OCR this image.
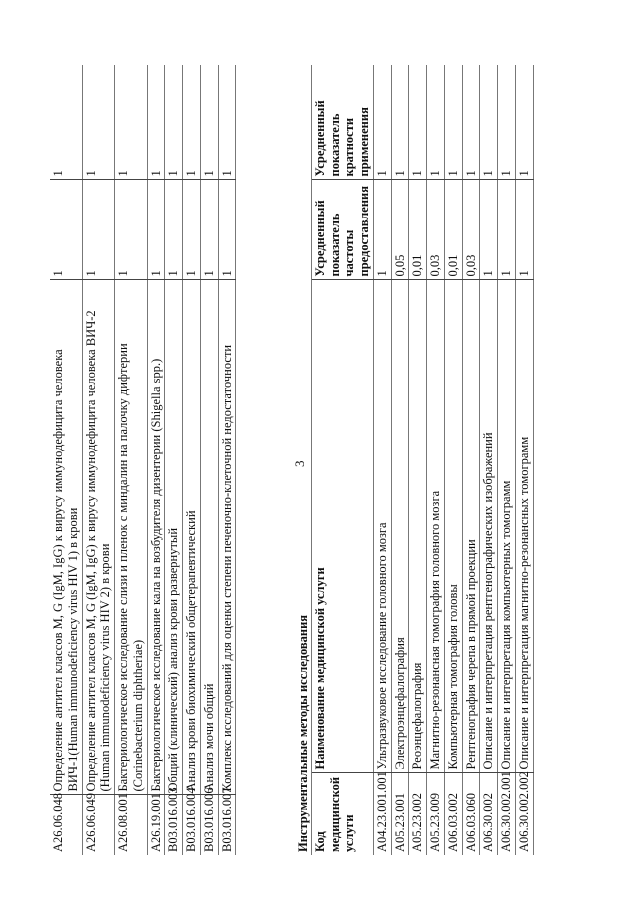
3
A26.06.048	Определение антител классов M, G (IgM, IgG) к вирусу иммунодефицита человека ВИЧ-1(Human immunodeficiency virus HIV 1) в крови	1	1
A26.06.049	Определение антител классов M, G (IgM, IgG) к вирусу иммунодефицита человека ВИЧ-2 (Human immunodeficiency virus HIV 2) в крови	1	1
A26.08.001	Бактериологическое исследование слизи и пленок с миндалин на палочку дифтерии (Corinebacterium diphtheriae)	1	1
A26.19.001	Бактериологическое исследование кала на возбудителя дизентерии (Shigella spp.)	1	1
B03.016.003	Общий (клинический) анализ крови развернутый	1	1
B03.016.004	Анализ крови биохимический общетерапевтический	1	1
B03.016.006	Анализ мочи общий	1	1
B03.016.007	Комплекс исследований для оценки степени печеночно-клеточной недостаточности	1	1
Инструментальные методы исследования Код медицинской услуги	Наименование медицинской услуги	Усредненный показатель частоты предоставления	Усредненный показатель кратности применения
A04.23.001.001	Ультразвуковое исследование головного мозга	1	1
A05.23.001	Электроэнцефалография	0,05	1
A05.23.002	Реоэнцефалография	0,01	1
A05.23.009	Магнитно-резонансная томография головного мозга	0,03	1
A06.03.002	Компьютерная томография головы	0,01	1
A06.03.060	Рентгенография черепа в прямой проекции	0,03	1
A06.30.002	Описание и интерпретация рентгенографических изображений	1	1
A06.30.002.001	Описание и интерпретация компьютерных томограмм	1	1
A06.30.002.002	Описание и интерпретация магнитно-резонансных томограмм	1	1
